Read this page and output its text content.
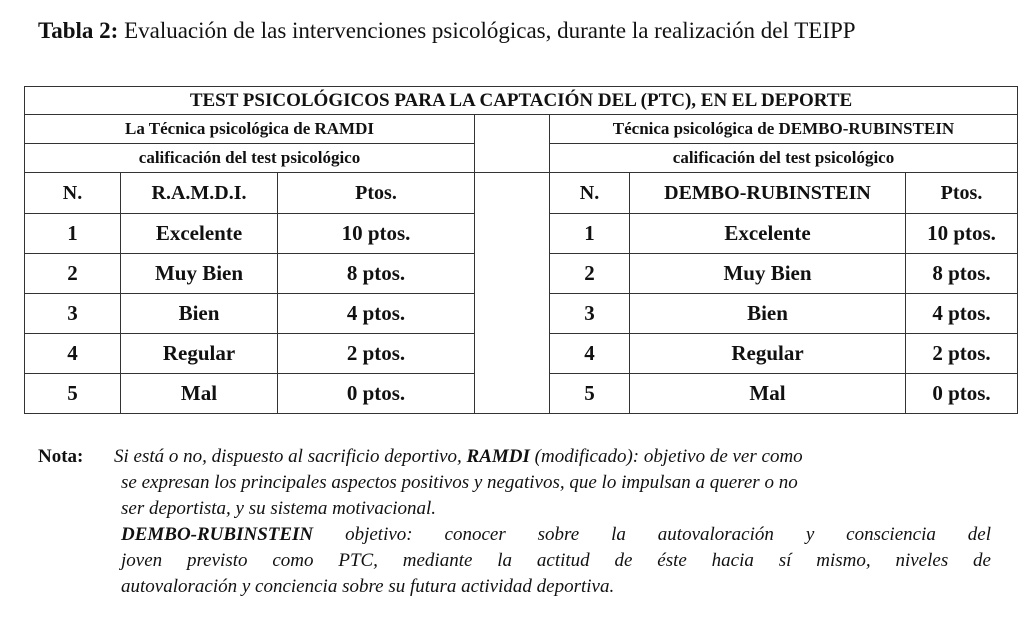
Tabla 2: Evaluación de las intervenciones psicológicas, durante la realización del TEIPP
TEST PSICOLÓGICOS PARA LA CAPTACIÓN DEL (PTC), EN EL DEPORTE						
La Técnica psicológica de RAMDI				Técnica psicológica de DEMBO-RUBINSTEIN		
calificación del test psicológico				calificación del test psicológico		
N.	R.A.M.D.I.	Ptos.		N.	DEMBO-RUBINSTEIN	Ptos.
1	Excelente	10 ptos.		1	Excelente	10 ptos.
2	Muy Bien	8 ptos.		2	Muy Bien	8 ptos.
3	Bien	4 ptos.		3	Bien	4 ptos.
4	Regular	2 ptos.		4	Regular	2 ptos.
5	Mal	0 ptos.		5	Mal	0 ptos.
Nota: Si está o no, dispuesto al sacrificio deportivo, RAMDI (modificado): objetivo de ver como
se expresan los principales aspectos positivos y negativos, que lo impulsan a querer o no
ser deportista, y su sistema motivacional.
DEMBO-RUBINSTEIN objetivo: conocer sobre la autovaloración y consciencia del
joven previsto como PTC, mediante la actitud de éste hacia sí mismo, niveles de
autovaloración y conciencia sobre su futura actividad deportiva.
